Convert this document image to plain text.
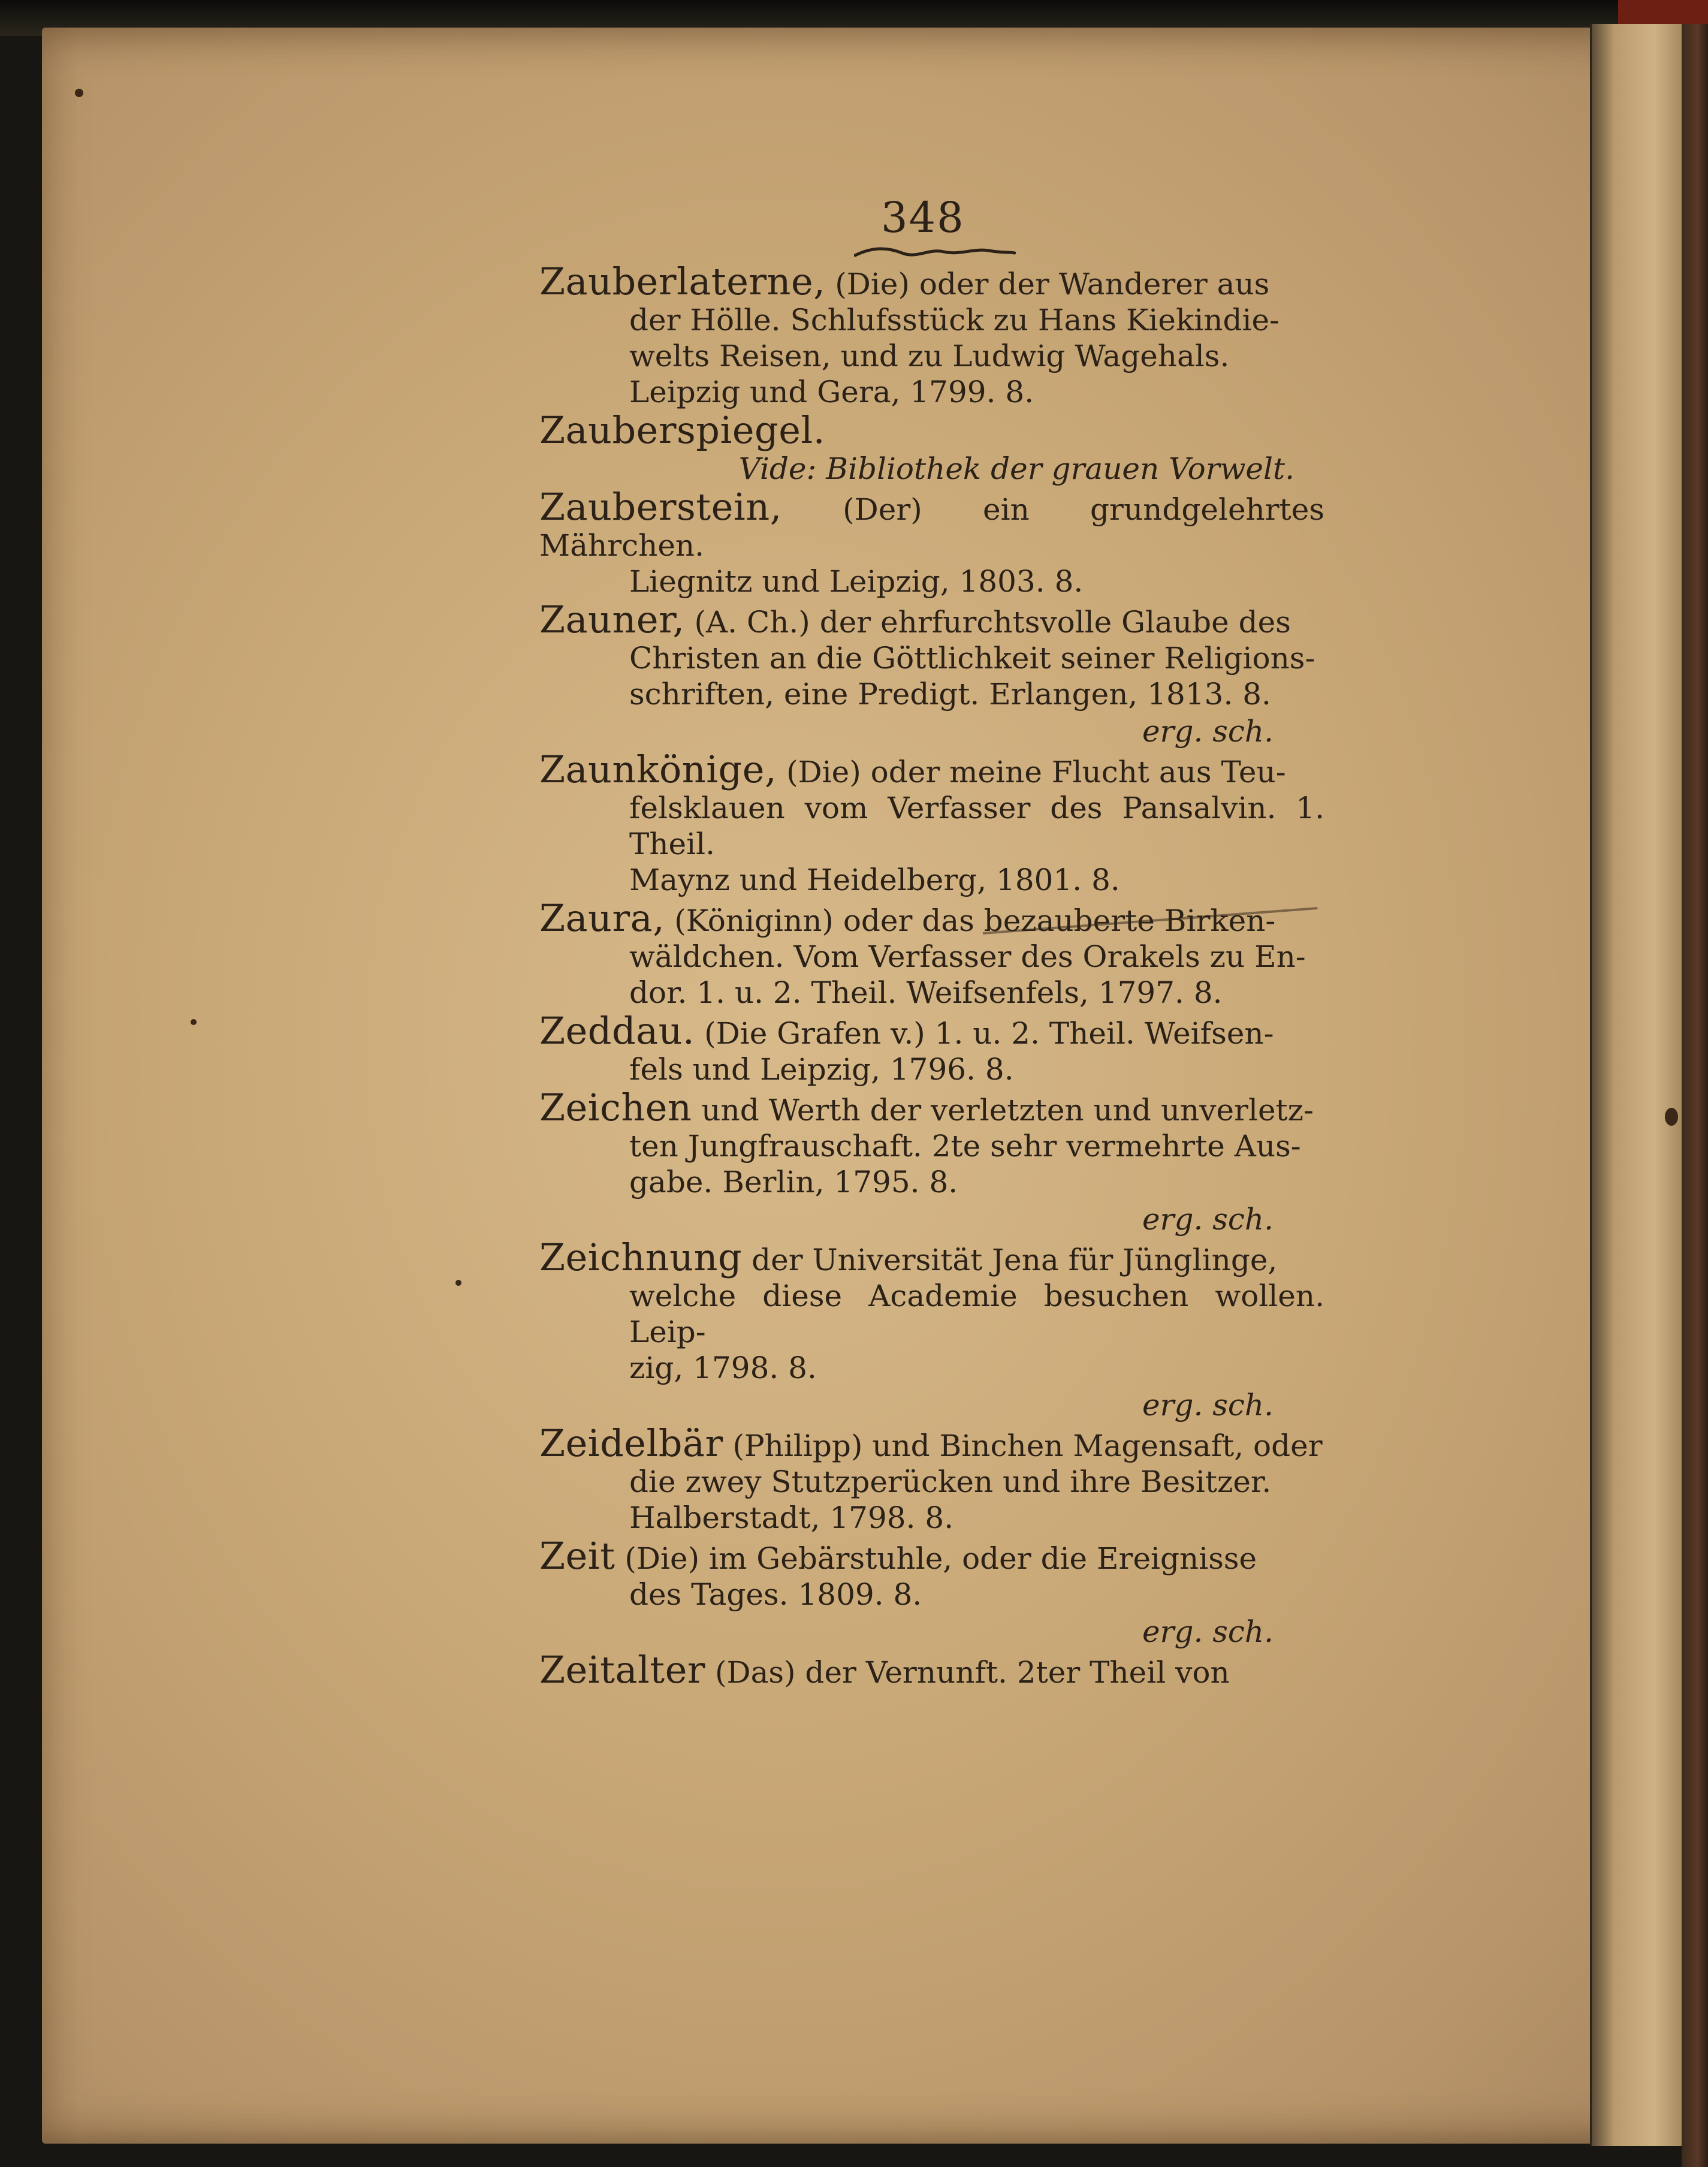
348
Zauberlaterne, (Die) oder der Wanderer aus
der Hölle. Schlufsstück zu Hans Kiekindie-
welts Reisen, und zu Ludwig Wagehals.
Leipzig und Gera, 1799. 8.
Zauberspiegel.
Vide: Bibliothek der grauen Vorwelt.
Zauberstein, (Der) ein grundgelehrtes Mährchen.
Liegnitz und Leipzig, 1803. 8.
Zauner, (A. Ch.) der ehrfurchtsvolle Glaube des
Christen an die Göttlichkeit seiner Religions-
schriften, eine Predigt. Erlangen, 1813. 8.
erg. sch.
Zaunkönige, (Die) oder meine Flucht aus Teu-
felsklauen vom Verfasser des Pansalvin. 1. Theil.
Maynz und Heidelberg, 1801. 8.
Zaura, (Königinn) oder das bezauberte Birken-
wäldchen. Vom Verfasser des Orakels zu En-
dor. 1. u. 2. Theil. Weifsenfels, 1797. 8.
Zeddau. (Die Grafen v.) 1. u. 2. Theil. Weifsen-
fels und Leipzig, 1796. 8.
Zeichen und Werth der verletzten und unverletz-
ten Jungfrauschaft. 2te sehr vermehrte Aus-
gabe. Berlin, 1795. 8.
erg. sch.
Zeichnung der Universität Jena für Jünglinge,
welche diese Academie besuchen wollen. Leip-
zig, 1798. 8.
erg. sch.
Zeidelbär (Philipp) und Binchen Magensaft, oder
die zwey Stutzperücken und ihre Besitzer.
Halberstadt, 1798. 8.
Zeit (Die) im Gebärstuhle, oder die Ereignisse
des Tages. 1809. 8.
erg. sch.
Zeitalter (Das) der Vernunft. 2ter Theil von
